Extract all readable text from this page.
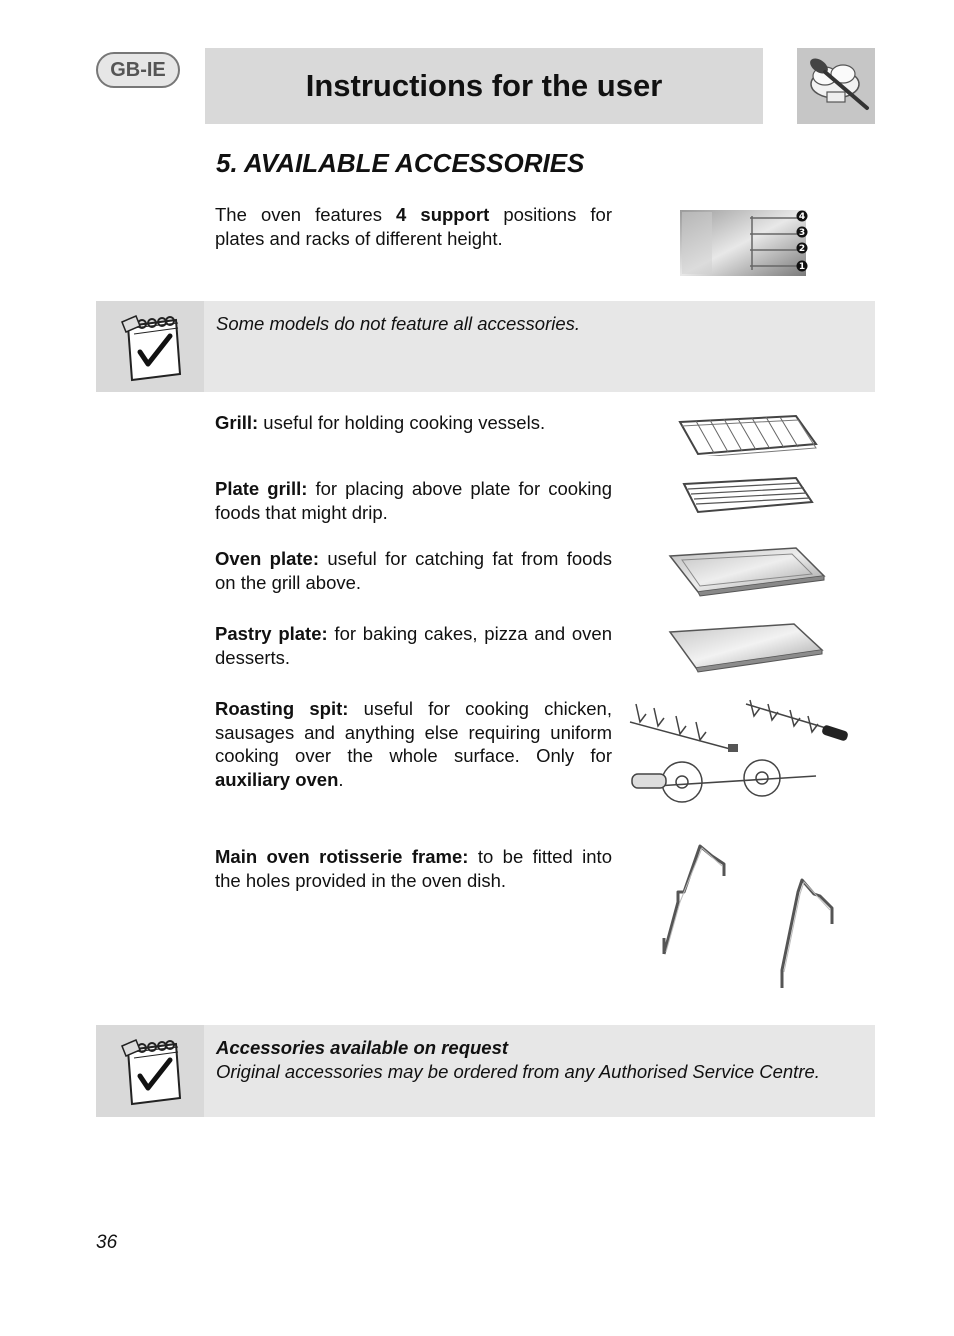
GB-IE	Instructions for the user
5. AVAILABLE ACCESSORIES
The oven features 4 support positions for plates and racks of different height.
4
3
2
1
Some models do not feature all accessories.
Grill: useful for holding cooking vessels.
Plate grill: for placing above plate for cooking foods that might drip.
Oven plate: useful for catching fat from foods on the grill above.
Pastry plate: for baking cakes, pizza and oven desserts.
Roasting spit: useful for cooking chicken, sausages and anything else requiring uniform cooking over the whole surface. Only for auxiliary oven.
Main oven rotisserie frame: to be fitted into the holes provided in the oven dish.
Accessories available on request
Original accessories may be ordered from any Authorised Service Centre.
36
